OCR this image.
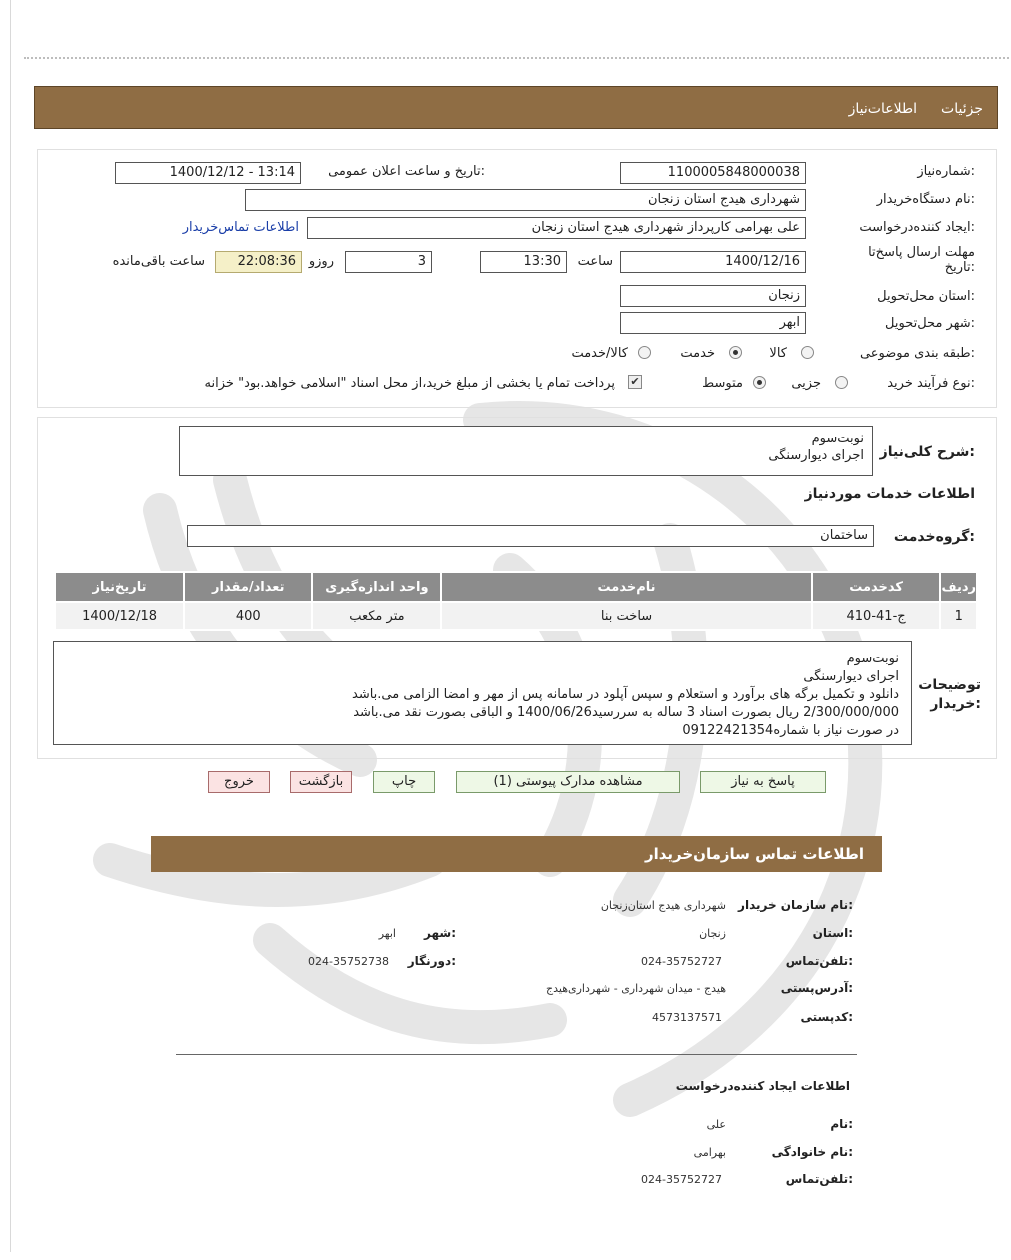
جزئیات
اطلاعات‌نیاز
شماره‌نیاز:
1100005848000038
تاریخ و ساعت اعلان عمومی:
1400/12/12 - 13:14
نام دستگاه‌خریدار:
شهرداری هیدج استان زنجان
ایجاد کننده‌درخواست:
علی بهرامی کارپرداز شهرداری هیدج استان زنجان
اطلاعات تماس‌خریدار
مهلت ارسال پاسخ‌تا تاریخ:
1400/12/16
ساعت
13:30
3
روزو
22:08:36
ساعت باقی‌مانده
استان محل‌تحویل:
زنجان
شهر محل‌تحویل:
ابهر
طبقه بندی موضوعی:
کالا
خدمت
کالا/خدمت
نوع فرآیند خرید:
جزیی
متوسط
✔
پرداخت تمام یا بخشی از مبلغ خرید،از محل اسناد "اسلامی خواهد.بود" خزانه
شرح کلی‌نیاز:
نوبت‌سوم
اجرای دیوارسنگی
اطلاعات خدمات موردنیاز
گروه‌خدمت:
ساختمان
ردیف	کدخدمت	نام‌خدمت	واحد اندازه‌گیری	تعداد/مقدار	تاریخ‌نیاز
1	ج-41-410	ساخت بنا	متر مکعب	400	1400/12/18
توضیحات خریدار:
نوبت‌سوم
اجرای دیوارسنگی
دانلود و تکمیل برگه های برآورد و استعلام و سپس آپلود در سامانه پس از مهر و امضا الزامی می.باشد
2/300/000/000 ریال بصورت اسناد 3 ساله به سررسید1400/06/26 و الباقی بصورت نقد می.باشد
در صورت نیاز با شماره09122421354
پاسخ به نیاز
مشاهده مدارک پیوستی (1)
چاپ
بازگشت
خروج
اطلاعات تماس سازمان‌خریدار
نام سازمان خریدار:
شهرداری هیدج استان‌زنجان
استان:
زنجان
شهر:
ابهر
تلفن‌تماس:
024-35752727
دورنگار:
024-35752738
آدرس‌پستی:
هیدج - میدان شهرداری - شهرداری‌هیدج
کدپستی:
4573137571
اطلاعات ایجاد کننده‌درخواست
نام:
علی
نام خانوادگی:
بهرامی
تلفن‌تماس:
024-35752727
